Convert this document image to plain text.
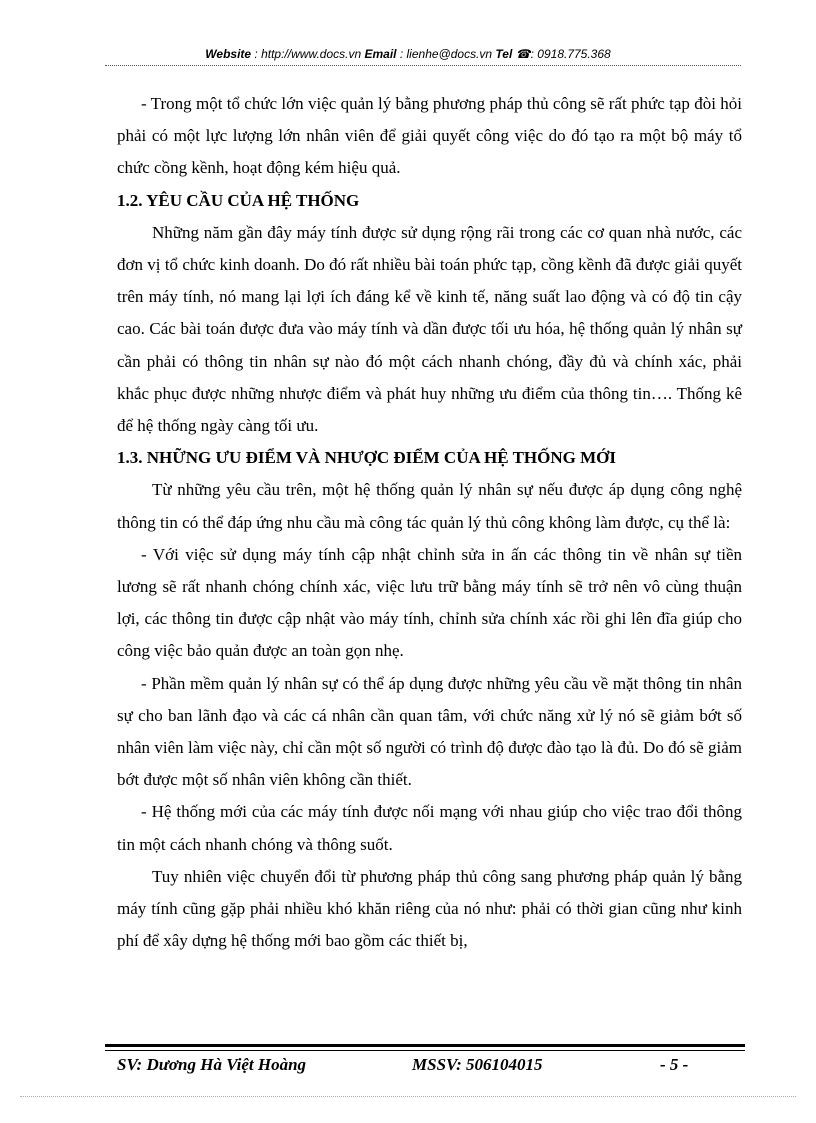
Website : http://www.docs.vn Email : lienhe@docs.vn Tel ☎: 0918.775.368

- Trong một tổ chức lớn việc quản lý bằng phương pháp thủ công sẽ rất phức tạp đòi hỏi phải có một lực lượng lớn nhân viên để giải quyết công việc do đó tạo ra một bộ máy tổ chức cồng kềnh, hoạt động kém hiệu quả.

1.2. YÊU CẦU CỦA HỆ THỐNG

Những năm gần đây máy tính được sử dụng rộng rãi trong các cơ quan nhà nước, các đơn vị tổ chức kinh doanh. Do đó rất nhiều bài toán phức tạp, cồng kềnh đã được giải quyết trên máy tính, nó mang lại lợi ích đáng kể về kinh tế, năng suất lao động và có độ tin cậy cao. Các bài toán được đưa vào máy tính và dần được tối ưu hóa, hệ thống quản lý nhân sự cần phải có thông tin nhân sự nào đó một cách nhanh chóng, đầy đủ và chính xác, phải khắc phục được những nhược điểm và phát huy những ưu điểm của thông tin…. Thống kê để hệ thống ngày càng tối ưu.

1.3. NHỮNG ƯU ĐIỂM VÀ NHƯỢC ĐIỂM CỦA HỆ THỐNG MỚI

Từ những yêu cầu trên, một hệ thống quản lý nhân sự nếu được áp dụng công nghệ thông tin có thể đáp ứng nhu cầu mà công tác quản lý thủ công không làm được, cụ thể là:

- Với việc sử dụng máy tính cập nhật chỉnh sửa in ấn các thông tin về nhân sự tiền lương sẽ rất nhanh chóng chính xác, việc lưu trữ bằng máy tính sẽ trở nên vô cùng thuận lợi, các thông tin được cập nhật vào máy tính, chỉnh sửa chính xác rồi ghi lên đĩa giúp cho công việc bảo quản được an toàn gọn nhẹ.

- Phần mềm quản lý nhân sự có thể áp dụng được những yêu cầu về mặt thông tin nhân sự cho ban lãnh đạo và các cá nhân cần quan tâm, với chức năng xử lý nó sẽ giảm bớt số nhân viên làm việc này, chỉ cần một số người có trình độ được đào tạo là đủ. Do đó sẽ giảm bớt được một số nhân viên không cần thiết.

- Hệ thống mới của các máy tính được nối mạng với nhau giúp cho việc trao đổi thông tin một cách nhanh chóng và thông suốt.

Tuy nhiên việc chuyển đổi từ phương pháp thủ công sang phương pháp quản lý bằng máy tính cũng gặp phải nhiều khó khăn riêng của nó như: phải có thời gian cũng như kinh phí để xây dựng hệ thống mới bao gồm các thiết bị,

SV: Dương Hà Việt Hoàng	MSSV: 506104015	- 5 -
